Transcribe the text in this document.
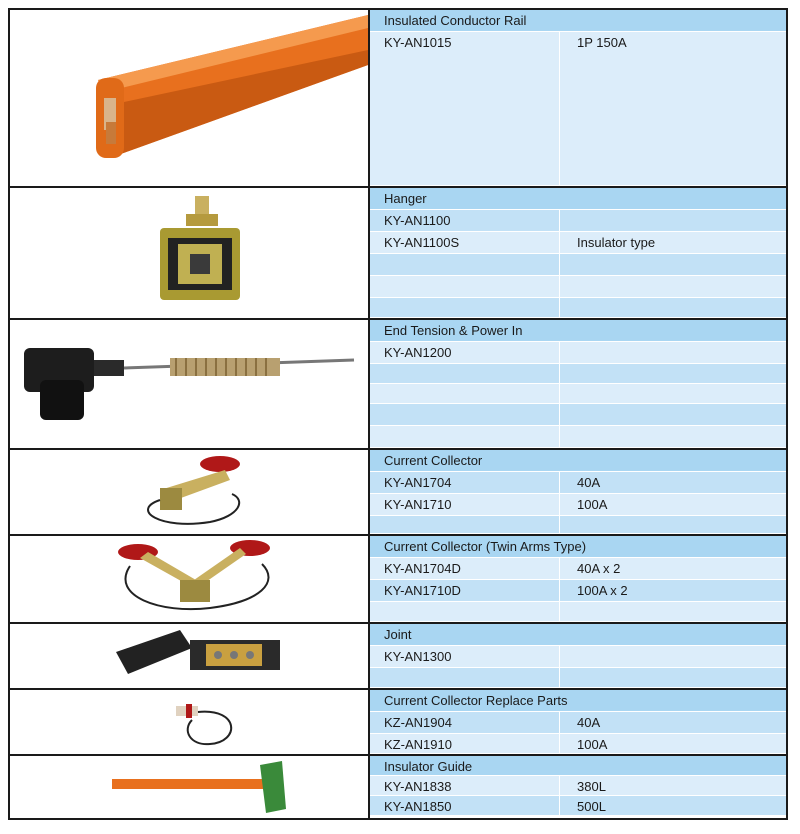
Insulated Conductor Rail
KY-AN1015	1P 150A
Hanger
KY-AN1100
KY-AN1100S	Insulator type
End Tension & Power In
KY-AN1200
Current Collector
KY-AN1704	40A
KY-AN1710	100A
Current Collector (Twin Arms Type)
KY-AN1704D	40A x 2
KY-AN1710D	100A x 2
Joint
KY-AN1300
Current Collector Replace Parts
KZ-AN1904	40A
KZ-AN1910	100A
Insulator Guide
KY-AN1838	380L
KY-AN1850	500L
